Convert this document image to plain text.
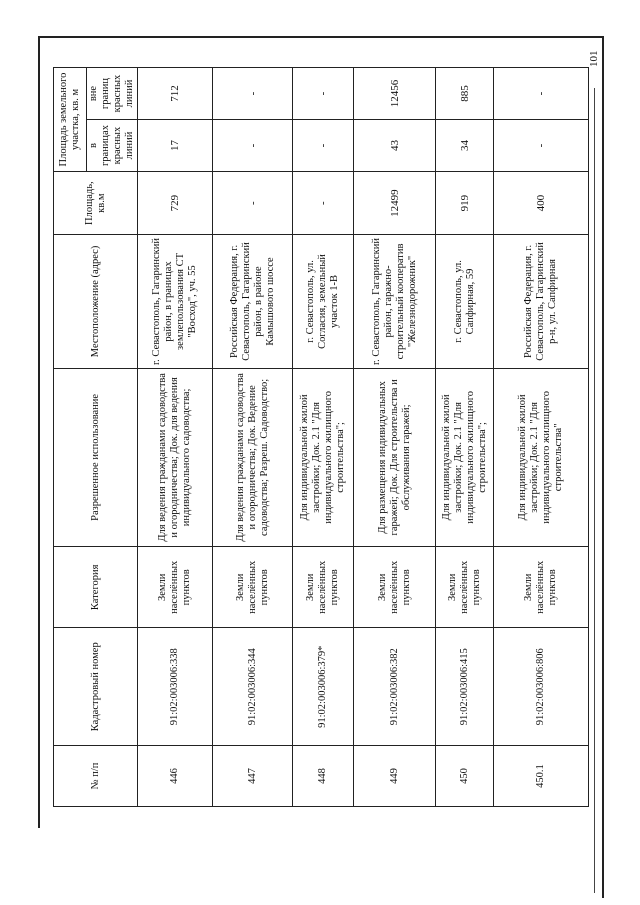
101
№ п/п	Кадастровый номер	Категория	Разрешенное использование	Местоположение (адрес)	Площадь, кв.м	Площадь земельного участка, кв. м	
						в границах красных линий	вне границ красных линий
446	91:02:003006:338	Земли населённых пунктов	Для ведения гражданами садоводства и огородничества; Док. для ведения индивидуального садоводства;	г. Севастополь, Гагаринский район, в границах землепользования СТ "Восход", уч. 55	729	17	712
447	91:02:003006:344	Земли населённых пунктов	Для ведения гражданами садоводства и огородничества; Док. Ведение садоводства; Разреш. Садоводство;	Российская Федерация, г. Севастополь, Гагаринский район, в районе Камышового шоссе	-	-	-
448	91:02:003006:379*	Земли населённых пунктов	Для индивидуальной жилой застройки; Док. 2.1 "Для индивидуального жилищного строительства";	г. Севастополь, ул. Согласия, земельный участок 1-В	-	-	-
449	91:02:003006:382	Земли населённых пунктов	Для размещения индивидуальных гаражей; Док. Для строительства и обслуживания гаражей;	г. Севастополь, Гагаринский район, гаражно-строительный кооператив "Железнодорожник"	12499	43	12456
450	91:02:003006:415	Земли населённых пунктов	Для индивидуальной жилой застройки; Док. 2.1 "Для индивидуального жилищного строительства";	г. Севастополь, ул. Сапфирная, 59	919	34	885
450.1	91:02:003006:806	Земли населённых пунктов	Для индивидуальной жилой застройки; Док. 2.1 "Для индивидуального жилищного строительства"	Российская Федерация, г. Севастополь, Гагаринский р-н, ул. Сапфирная	400	-	-
